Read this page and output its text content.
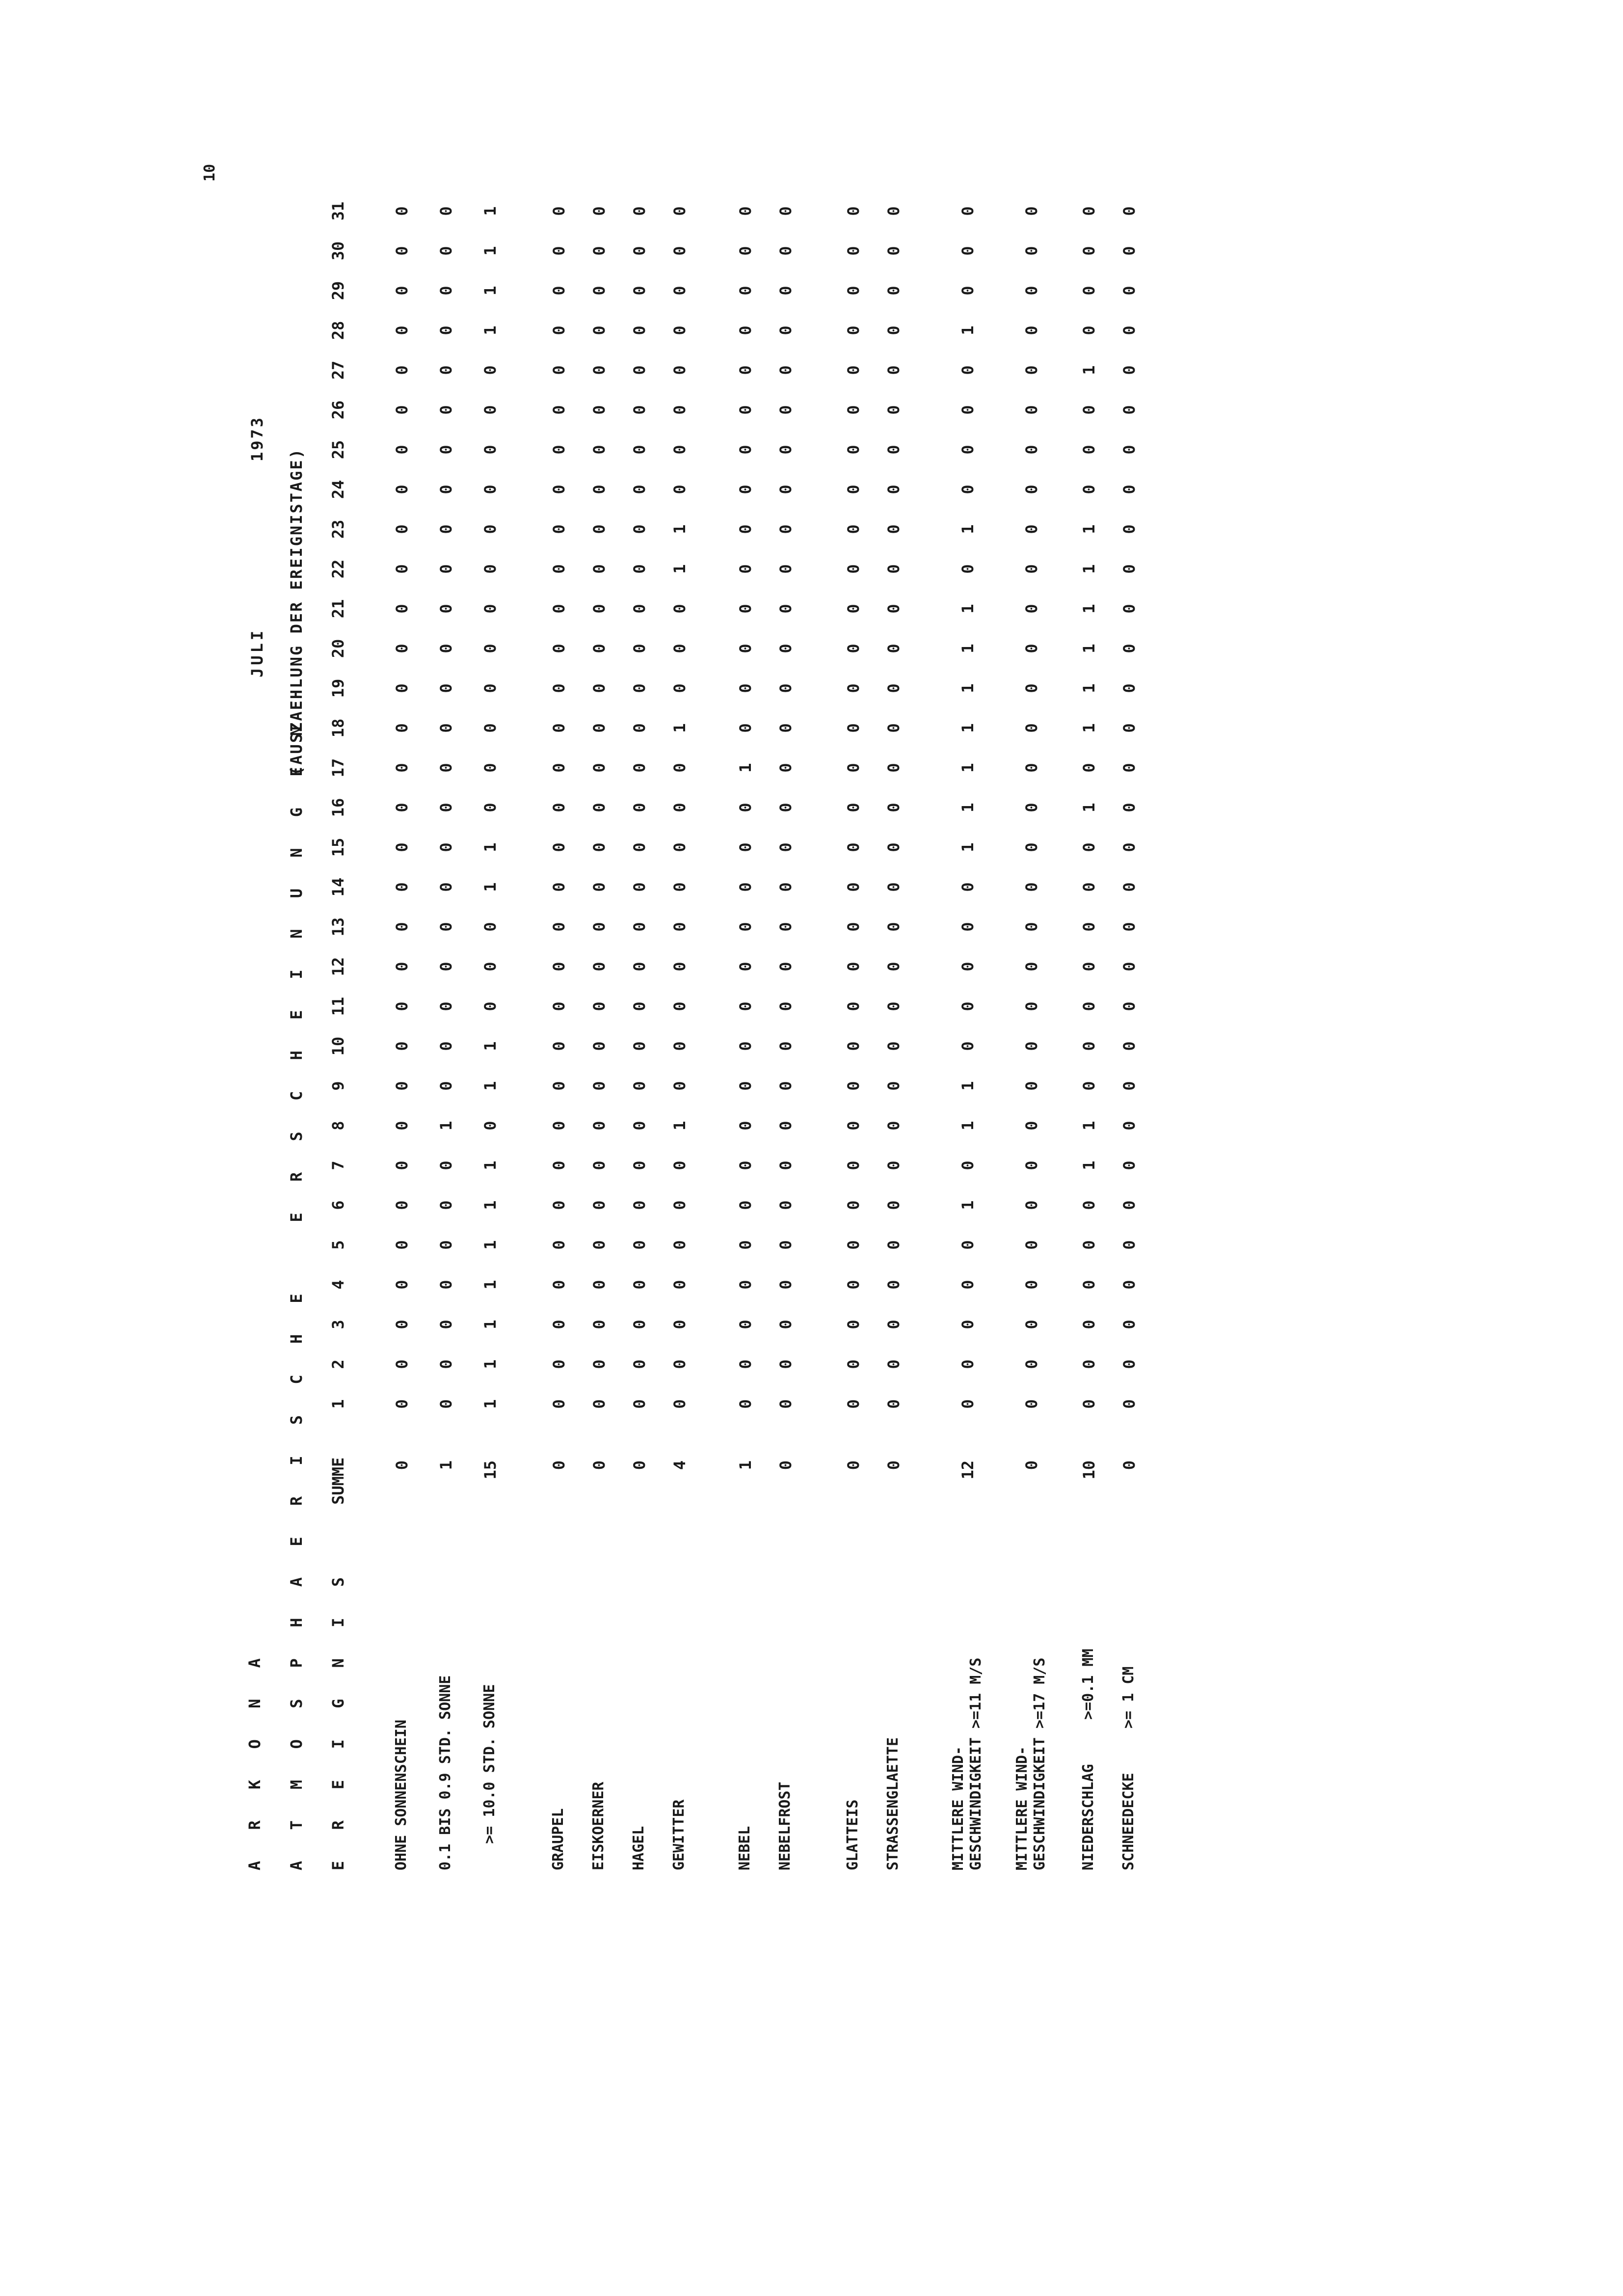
A R K O N A
JULI
1973
10
A T M O S P H A E R I S C H E   E R S C H E I N U N G E N
(AUSZAEHLUNG DER EREIGNISTAGE)
E R E I G N I S
SUMME
1
2
3
4
5
6
7
8
9
10
11
12
13
14
15
16
17
18
19
20
21
22
23
24
25
26
27
28
29
30
31
OHNE SONNENSCHEIN
0
0
0
0
0
0
0
0
0
0
0
0
0
0
0
0
0
0
0
0
0
0
0
0
0
0
0
0
0
0
0
0
0.1 BIS 0.9 STD. SONNE
1
0
0
0
0
0
0
0
1
0
0
0
0
0
0
0
0
0
0
0
0
0
0
0
0
0
0
0
0
0
0
0
>= 10.0 STD. SONNE
15
1
1
1
1
1
1
1
0
1
1
0
0
0
1
1
0
0
0
0
0
0
0
0
0
0
0
0
1
1
1
1
GRAUPEL
0
0
0
0
0
0
0
0
0
0
0
0
0
0
0
0
0
0
0
0
0
0
0
0
0
0
0
0
0
0
0
0
EISKOERNER
0
0
0
0
0
0
0
0
0
0
0
0
0
0
0
0
0
0
0
0
0
0
0
0
0
0
0
0
0
0
0
0
HAGEL
0
0
0
0
0
0
0
0
0
0
0
0
0
0
0
0
0
0
0
0
0
0
0
0
0
0
0
0
0
0
0
0
GEWITTER
4
0
0
0
0
0
0
0
1
0
0
0
0
0
0
0
0
0
1
0
0
0
1
1
0
0
0
0
0
0
0
0
NEBEL
1
0
0
0
0
0
0
0
0
0
0
0
0
0
0
0
0
1
0
0
0
0
0
0
0
0
0
0
0
0
0
0
NEBELFROST
0
0
0
0
0
0
0
0
0
0
0
0
0
0
0
0
0
0
0
0
0
0
0
0
0
0
0
0
0
0
0
0
GLATTEIS
0
0
0
0
0
0
0
0
0
0
0
0
0
0
0
0
0
0
0
0
0
0
0
0
0
0
0
0
0
0
0
0
STRASSENGLAETTE
0
0
0
0
0
0
0
0
0
0
0
0
0
0
0
0
0
0
0
0
0
0
0
0
0
0
0
0
0
0
0
0
MITTLERE WIND-
GESCHWINDIGKEIT >=11 M/S
12
0
0
0
0
0
1
0
1
1
0
0
0
0
0
1
1
1
1
1
1
1
0
1
0
0
0
0
1
0
0
0
MITTLERE WIND-
GESCHWINDIGKEIT >=17 M/S
0
0
0
0
0
0
0
0
0
0
0
0
0
0
0
0
0
0
0
0
0
0
0
0
0
0
0
0
0
0
0
0
NIEDERSCHLAG     >=0.1 MM
10
0
0
0
0
0
0
1
1
0
0
0
0
0
0
0
1
0
1
1
1
1
1
1
0
0
0
1
0
0
0
0
SCHNEEDECKE     >= 1 CM
0
0
0
0
0
0
0
0
0
0
0
0
0
0
0
0
0
0
0
0
0
0
0
0
0
0
0
0
0
0
0
0
